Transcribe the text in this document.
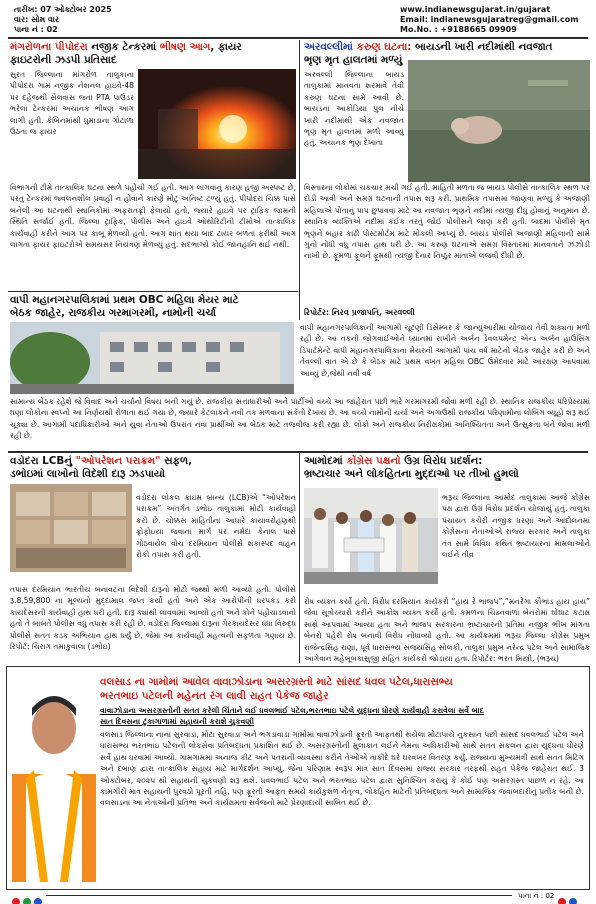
તારીખ: 07 ઓક્ટોબર 2025
વાર: સોમ વાર
પાના નં : 02
www.indianewsgujarat.in/gujarat
Email: indianewsgujaratreg@gmail.com
Mo.No. : +9188665 09909
મંગરોળના પીપોદરા નજીક ટેન્કરમાં ભીષણ આગ, ફાયર
ફાઇટરોની ઝડપી પ્રતિસાદ
સુરત જિલ્લાના માંગરોળ તાલુકાના પીપોદરા ગામ નજીક નેશનલ હાઇવે-48 પર દહેજથી સેલવાસ જતા PTA પાઉડર ભરેલા ટેન્કરમાં અચાનક ભીષણ આગ લાગી હતી. કેબિનમાંથી ધુમાડાના ગોટાળા ઉઠતા જ ફાયર
વિભાગની ટીમે તાત્કાલિક ઘટના સ્થળે પહોંચી ગઈ હતી. આગ લાગવાનું કારણ હજી અસ્પષ્ટ છે, પરંતુ ટેન્કરમાં જ્વલનશીલ પ્રવાહી ન હોવાને કારણે મોટું અનિષ્ટ ટળ્યું હતું. પીપોદરા ચિક્ક પાસે બનેલી આ ઘટનાથી સ્થાનિકોમાં અફરાતફ્રી ફેલાયો હતો, જ્યારે હાઇવે પર ટ્રાફિક જામની સ્થિતિ સર્જાઈ હતી. જિલ્લા ટ્રાફિક, પોલીસ અને હાઇવે ઓથોરિટીની ટીમોએ તાત્કાલિક કાર્યવાહી કરીને આગ પર કાબૂ મેળવ્યો હતો. આગ શાંત થયા બાદ ટાયર બળતાં ફરીથી આગ લાગતા ફાયર ફાઇટરોએ સમયસર નિયંત્રણ મેળવ્યું હતું. સદભાગ્યે કોઈ જાનહાનિ થઈ નથી.
અરવલ્લીમાં કરુણ ઘટના: બાયડની ખારી નદીમાંથી નવજાત
ભૃણ મૃત હાલતમાં મળ્યું
અરવલ્લી જિલ્લાના બાયડ તાલુકામાં માનવતા શરમાવે તેવી કરુણ ઘટના સામે આવી છે. બાયડના આકોડિયા પુલ નીચે ખારી નદીમાંથી એક નવજાત ભૃણ મૃત હાલતમાં મળી આવ્યું હતું. અચાનક ભૃણ દેખાતા
વિસ્તારના લોકોમાં ચકચાર મચી ગઈ હતી. માહિતી મળતા જ બાયડ પોલીસે તાત્કાલિક સ્થળ પર દોડી આવી અને સમગ્ર ઘટનાની તપાસ શરૂ કરી. પ્રાથમિક તપાસમાં જાણવા મળ્યું કે અજાણી મહિલાએ પોતાનું પાપ છુપાવવા માટે આ નવજાત ભૃણને નદીમાં ત્યજી દીધું હોવાનું અનુમાન છે. સ્થાનિક વ્યક્તિએ નદીમાં કંઈક તરતું જોઈ પોલીસને જાણ કરી હતી. બાદમાં પોલીસે મૃત ભૃણને બહાર કાઢી પોસ્ટમોર્ટમ માટે મોકલી આપ્યું છે. બાયડ પોલીસે અજાણી મહિલાની સામે ગુનો નોંધી વધુ તપાસ હાથ ધરી છે. આ કરુણ ઘટનાએ સમગ્ર વિસ્તારમાં માનવતાને ઝંઝોડી નાખી છે. ફૂમળા ફૂલને ફૂમથી ત્યજી દેનાર નિષ્ઠુર માતાએ લજવી દીધી છે.
રિપોર્ટર: નિરવ પ્રજાપતિ, અરવલ્લી
વાપી મહાનગરપાલિકામાં પ્રથમ OBC મહિલા મેયર માટે
બેઠક જાહેર, રાજકીય ગરમાગરમી, નામોની ચર્ચા
વાપી મહાનગરપાલિકાની આગામી ચૂંટણી ડિસેમ્બર કે જાન્યુઆરીમાં યોજાય તેવી શક્યતા મળી રહી છે. આ તકની જોગવાઈઓને ધ્યાનમાં રાખીને અર્બન ડેવલપમેન્ટ એન્ડ અર્બન હાઉસિંગ ડિપાર્ટમેન્ટે વાપી મહાનગરપાલિકાના મેયરની આગામી પાંચ વર્ષ માટેની બેઠક જાહેર કરી છે અને તેવલ્લી વાત એ છે કે બેઠક માટે પ્રથમ વખત મહિલા OBC ઉમેદવાર માટે આરક્ષણ આપવામાં આવ્યું છે,જેથી નવી વર્ષ
સામાન્ય બેઠક રહેશે જે વિવાદ અને ચર્ચાનો વિષય બની ગયું છે. રાજકીય સત્તાધારીઓ અને પાર્ટીઓ વચ્ચે આ જાહેરાત પછી ભારે ગરમાગરમી જોવા મળી રહી છે. સ્થાનિક રાજકીય પરિપ્રેક્ષ્યમાં ઘણા લોકોના સ્વપ્નો આ નિર્ણયથી રોળાતા થઈ ગયા છે, જ્યારે કેટલાકને નવી તક મળવાના સંકેતો દેખાય છે. આ વચ્ચે નામોની ચર્ચા અને અગાઉથી રાજકીય પરિણામોના લોબિંગ વ્યૂહો શરૂ થઈ ચૂક્યા છે. આગામી પદાધિકારીઓ અને યુવા નેતાઓ ઉપરાંત નવા પ્રાર્થીઓ આ બેઠક માટે તજવીજ કરી રહ્યા છે. લોકો અને રાજકીય નિરીક્ષકોમાં અનિશ્ચિતતા અને ઉત્સુકતા બંને જોવા મળી રહી છે.
વડોદરા LCBનું "ઓપરેશન પરાક્રમ" સફળ,
ડભોઇમાં લાખોનો વિદેશી દારૂ ઝડપાયો
વડોદરા લોકલ ક્રાઇમ બ્રાન્ચ (LCB)એ “ઓપરેશન પરાક્રમ” અંતર્ગત ડભોઇ તાલુકામાં મોટી કાર્યવાહી કરી છે. ચોક્કસ માહિતીના આધારે કાયાવરોહણથી ફ્રોફોઇયા જવાના માર્ગ પર નર્મદા કેનાલ પાસે ગોઠવાયેલ વોચ દરમિયાન પોલીસે શંકાસ્પદ વાહન રોકી તપાસ કરી હતી.
તપાસ દરમિયાન ભારતીય બનાવટના વિદેશી દારૂનો મોટો જથ્થો મળી આવ્યો હતો. પોલીસે રૂ.8,59,800 ના મૂલ્યનો મુદ્દામાલ જપ્ત કર્યો હતો અને એક આરોપીની ધરપકડ કરી કાયદેસરની કાર્યવાહી હાથ ધરી હતી. દારૂ ક્યાંથી લાવવામાં આવ્યો હતો અને કોને પહોંચાડવાનો હતો તે બાબતે પોલીસ વધુ તપાસ કરી રહી છે. વડોદરા જિલ્લામાં દારૂના ગેરકાયદેસર ધંધા વિરુદ્ધ પોલીસે સતત કડક અભિયાન હાથ ધર્યું છે, જેમાં આ કાર્યવાહી મહત્વની સફળતા ગણાય છે. રિપોર્ટ: ચિરાગ તમાકુવાલા (ડભોઇ)
આમોદમાં કોંગ્રેસ પક્ષનો ઉગ્ર વિરોધ પ્રદર્શન:
ભ્રષ્ટાચાર અને લોકહિતના મુદ્દાઓ પર તીખો હુમલો
ભરૂચ જિલ્લાના આમોદ તાલુકામાં આજે કોંગ્રેસ પક્ષ દ્વારા ઉગ્ર વિરોધ પ્રદર્શન યોજાયું હતું. તાલુકા પંચાયત કચેરી નજીક ધરણાં અને આંદોલનમાં કોંગ્રેસના નેતાઓએ રાજ્ય સરકાર અને તાલુકા તંત્ર સામે વિવિધ કથિત ભ્રષ્ટાચારના મામલાઓને લઈને તીવ્ર
રોષ વ્યક્ત કર્યો હતો. વિરોધ દરમિયાન કાર્યકરો “હાય રે ભાજપ”,“મનરેગા કૌભાંડ હાય હાય” જેવા સૂત્રોચ્ચારો કરીને આક્રોશ વ્યક્ત કર્યો હતો. કમળના ચિહ્નવાળા બેનરોમાં ઘોંઘાટ કટાક્ષ સાથે આપવામાં આવ્યા હતા અને ભાજપ સરકારના ભ્રષ્ટાચારની પ્રતિમા નજીક ભીખ માંગતા બેનરો પહેરી રોષ બનાવી વિરોધ નોંધાવ્યો હતો. આ કાર્યક્રમમાં ભરૂચ જિલ્લા કોંગ્રેસ પ્રમુખ રાજેન્દ્રસિંહ રાણા, પૂર્વ ધારાસભ્ય સંજયસિંહ સોલંકી, તાલુકા પ્રમુખ નરેન્દ્ર પટેલ અને સામાજિક આગેવાન મહેબૂબકાસુજી સહિત કાર્યકરો જોડાયા હતા. રિપોર્ટર: ભરત મિસ્ત્રી, (ભરૂચ)
વલસાડ ના ગામોમાં આવેલ વાવાઝોડાના અસરગ્રસ્તો માટે સાંસદ ધવલ પટેલ,ધારાસભ્ય
ભરતભાઇ પટેલની મહેનત રંગ લાવી રાહત પેકેજ જાહેર
વાવાઝોડાના અસરગ્રસ્તોની સતત કરેલી ચિંતાને લઈ ધવલભાઈ પટેલ,ભરતભાઇ પટેલે યુદ્ધના ધોરણે કાર્યવાહી કરાવેલા સર્વે બાદ
સાત દિવસના ટુંકાગાળામાં સહાયની કરાશે ચુકવણી
વલસાડ જિલ્લાના નાના સુરવાડા, મોટા સુરવાડા અને ભગડાવાડા ગામોમાં વાવાઝોડાની ફ્રૂરતી આફતથી થયેલા મોટાપાયે નુકસાન પછી સાંસદ ધવલભાઈ પટેલ અને ધારાસભ્ય ભરતભાઇ પટેલની લોકસેવા પ્રતિબદ્ધતા પ્રકાશિત થઈ છે. અસરગ્રસ્તોની મુલાકાત લઈને તેમના અધિકારીઓ સાથે સતત સંકલન દ્વારા યુદ્ધના ધોરણે સર્વે હાથ ધરવામાં આવ્યો. ગામગામમાં અનાજ કીટ અને પતરાની વ્યવસ્થા કરીને તેઓએ તાકીદે ઘરે ઘરવખર વિતરણ કર્યું. રાજ્યના મુખ્યમંત્રી સાથે સતત મિટિંગ અને દબાણ દ્વારા તાત્કાલિક સહાય માટે માર્ગદર્શન આપ્યું, જેના પરિણામ સ્વરૂપ માત્ર સાત દિવસમાં રાજ્ય સરકાર તરફથી રાહત પેકેજ જાહેરાત થઈ. 3 ઓક્ટોબર, ૨૦૨૫ થી સહાયની ચુકવણી શરૂ થશે. ધવલભાઈ પટેલ અને ભરતભાઇ પટેલ દ્વારા સુનિશ્ચિત કરાયું કે કોઈ પણ અસરગ્રસ્ત પાછળ ન રહે. આ કામગીરી માત્ર સહાયની પુરવઠો પૂરતી નહિ, પણ ફ્રૂરતી આફત સમયે કાર્યકુશળ નેતૃત્વ, લોકહિત માટેની પ્રતિબદ્ધતા અને સામાજિક જવાબદારીનું પ્રતીક બની છે. વલસાડના આ નેતાઓની પ્રતિભા અને કાર્યક્ષમતા સર્વજનો માટે પ્રેરણાદાયી સાબિત થઈ છે.
પાના નં : 02
